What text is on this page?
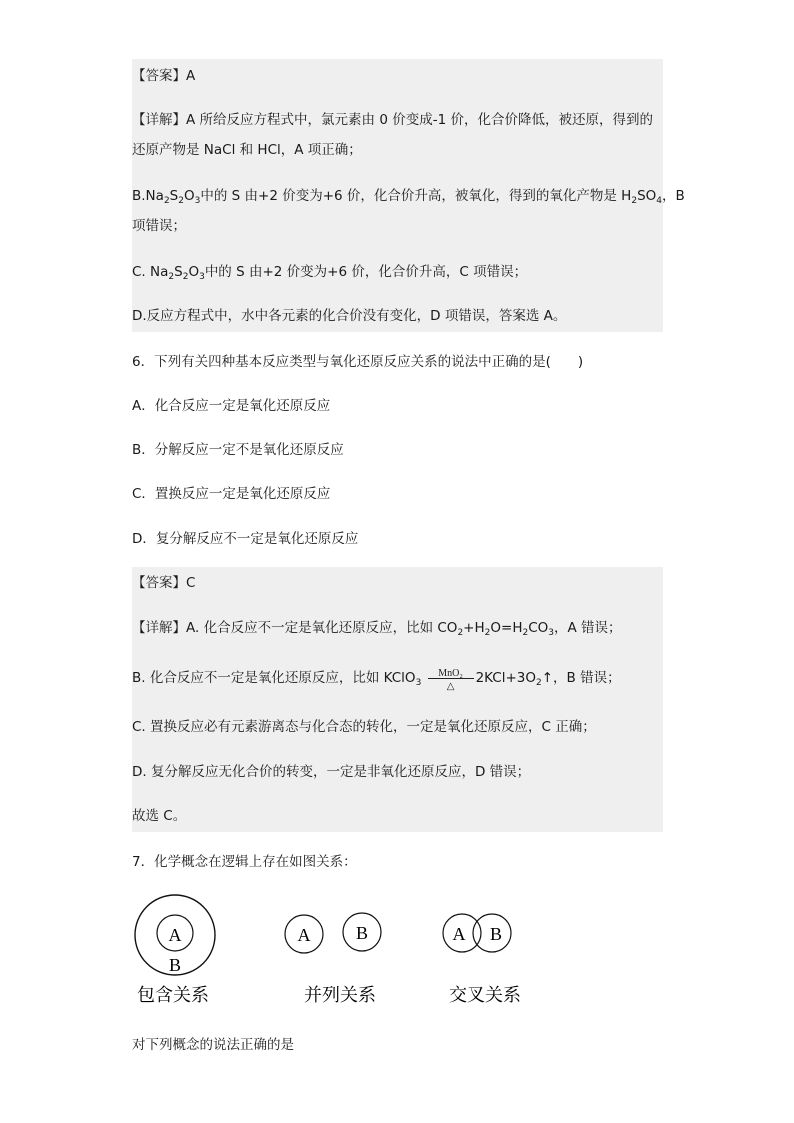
【答案】A
【详解】A 所给反应方程式中，氯元素由 0 价变成-1 价，化合价降低，被还原，得到的
还原产物是 NaCl 和 HCl，A 项正确；
$B.Na_2S_2O_3$中的 S 由+2 价变为+6 价，化合价升高，被氧化，得到的氧化产物是 $H_2SO_4$，B
项错误；
C. $Na_2S_2O_3$中的 S 由+2 价变为+6 价，化合价升高，C 项错误；
D.反应方程式中，水中各元素的化合价没有变化，D 项错误，答案选 A。
6．下列有关四种基本反应类型与氧化还原反应关系的说法中正确的是(　　)
A．化合反应一定是氧化还原反应
B．分解反应一定不是氧化还原反应
C．置换反应一定是氧化还原反应
D．复分解反应不一定是氧化还原反应
【答案】C
【详解】A. 化合反应不一定是氧化还原反应，比如 $CO_2+H_2O=H_2CO_3$，A 错误；
B. 化合反应不一定是氧化还原反应，比如 KClO$_3$
MnO₂
△
$2KCl+3O_2↑$，B 错误；
C. 置换反应必有元素游离态与化合态的转化，一定是氧化还原反应，C 正确；
D. 复分解反应无化合价的转变，一定是非氧化还原反应，D 错误；
故选 C。
7．化学概念在逻辑上存在如图关系：
A
B
包含关系
A	B
并列关系
A B
交叉关系
对下列概念的说法正确的是
